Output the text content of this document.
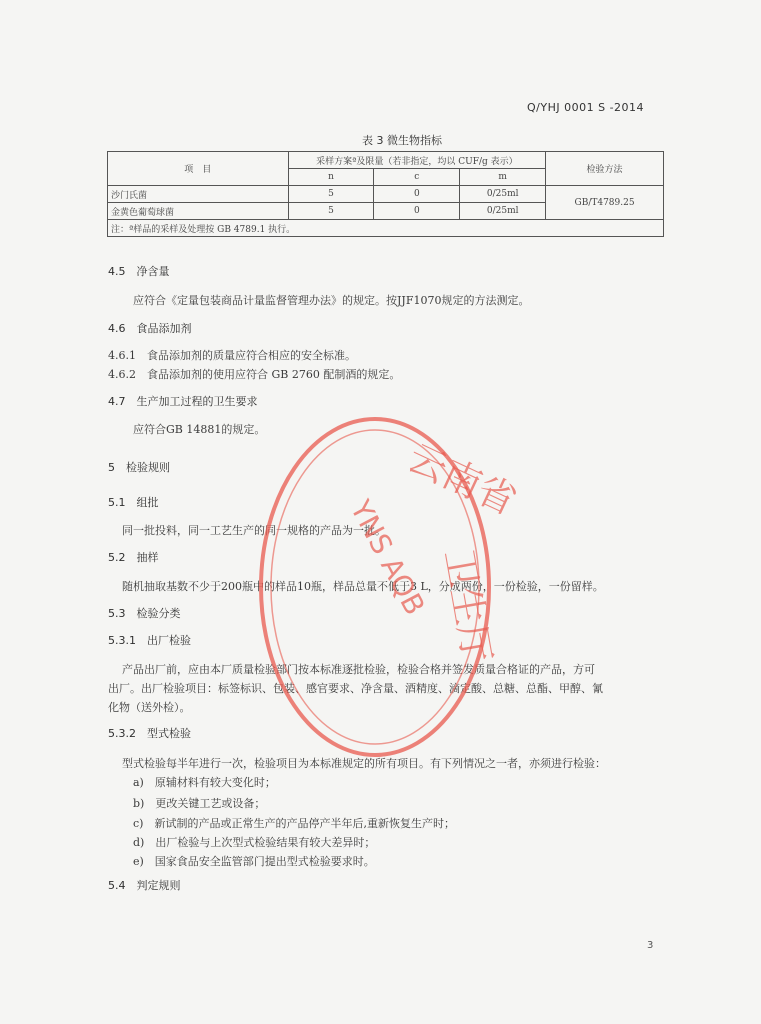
Q/YHJ 0001 S -2014
表 3 微生物指标
项　目	采样方案ª及限量（若非指定，均以 CUF/g 表示）			检验方法
	n	c	m	
沙门氏菌	5	0	0/25ml	GB/T4789.25
金黄色葡萄球菌	5	0	0/25ml	
注：ª样品的采样及处理按 GB 4789.1 执行。				
4.5　净含量
应符合《定量包装商品计量监督管理办法》的规定。按JJF1070规定的方法测定。
4.6　食品添加剂
4.6.1　食品添加剂的质量应符合相应的安全标准。
4.6.2　食品添加剂的使用应符合 GB 2760 配制酒的规定。
4.7　生产加工过程的卫生要求
应符合GB 14881的规定。
5　检验规则
5.1　组批
同一批投料，同一工艺生产的同一规格的产品为一批。
5.2　抽样
随机抽取基数不少于200瓶中的样品10瓶，样品总量不低于3 L，分成两份，一份检验，一份留样。
5.3　检验分类
5.3.1　出厂检验
产品出厂前，应由本厂质量检验部门按本标准逐批检验，检验合格并签发质量合格证的产品，方可
出厂。出厂检验项目：标签标识、包装、感官要求、净含量、酒精度、滴定酸、总糖、总酯、甲醇、氰
化物（送外检）。
5.3.2　型式检验
型式检验每半年进行一次，检验项目为本标准规定的所有项目。有下列情况之一者，亦须进行检验：
a)　原辅材料有较大变化时；
b)　更改关键工艺或设备；
c)　新试制的产品或正常生产的产品停产半年后,重新恢复生产时；
d)　出厂检验与上次型式检验结果有较大差异时；
e)　国家食品安全监管部门提出型式检验要求时。
5.4　判定规则
3
云南省
卫生厅
YNS AQB
